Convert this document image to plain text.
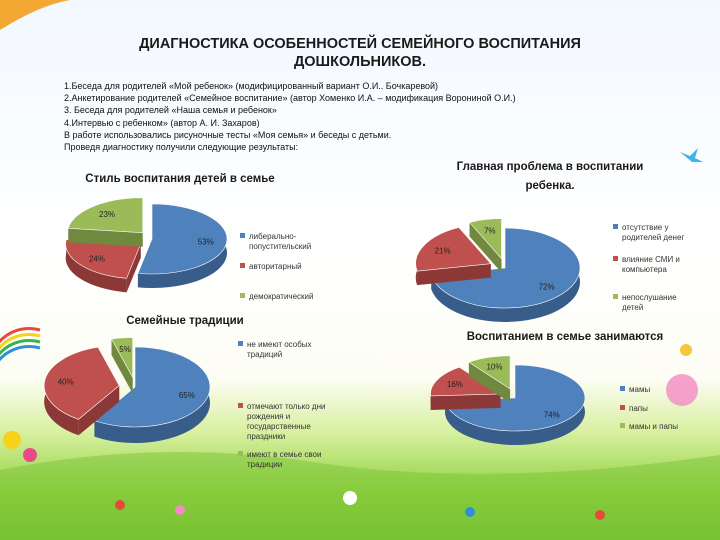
ДИАГНОСТИКА ОСОБЕННОСТЕЙ СЕМЕЙНОГО ВОСПИТАНИЯ
ДОШКОЛЬНИКОВ.
1.Беседа для родителей «Мой ребенок» (модифицированный вариант О.И.. Бочкаревой)
2.Анкетирование родителей «Семейное воспитание» (автор Хоменко И.А. – модификация Ворониной О.И.)
3. Беседа для родителей «Наша семья и ребенок»
4.Интервью с ребенком» (автор А. И. Захаров)
В работе использовались рисуночные тесты «Моя семья» и беседы с детьми.
Проведя диагностику получили следующие результаты:
Стиль воспитания детей в семье
53%
24%
23%
либерально-
попустительский
авторитарный
демократический
Главная проблема в воспитании
ребенка.
72%
21%
7%	отсутствие у
родителей денег
влияние СМИ и
компьютера
непослушание
детей
Семейные традиции
65%
40%
5%
не имеют особых
традиций
отмечают только дни
рождения и
государственные
праздники
имеют в семье свои
традиции
Воспитанием в семье занимаются
74%
16%
10%
мамы
папы
мамы и папы
